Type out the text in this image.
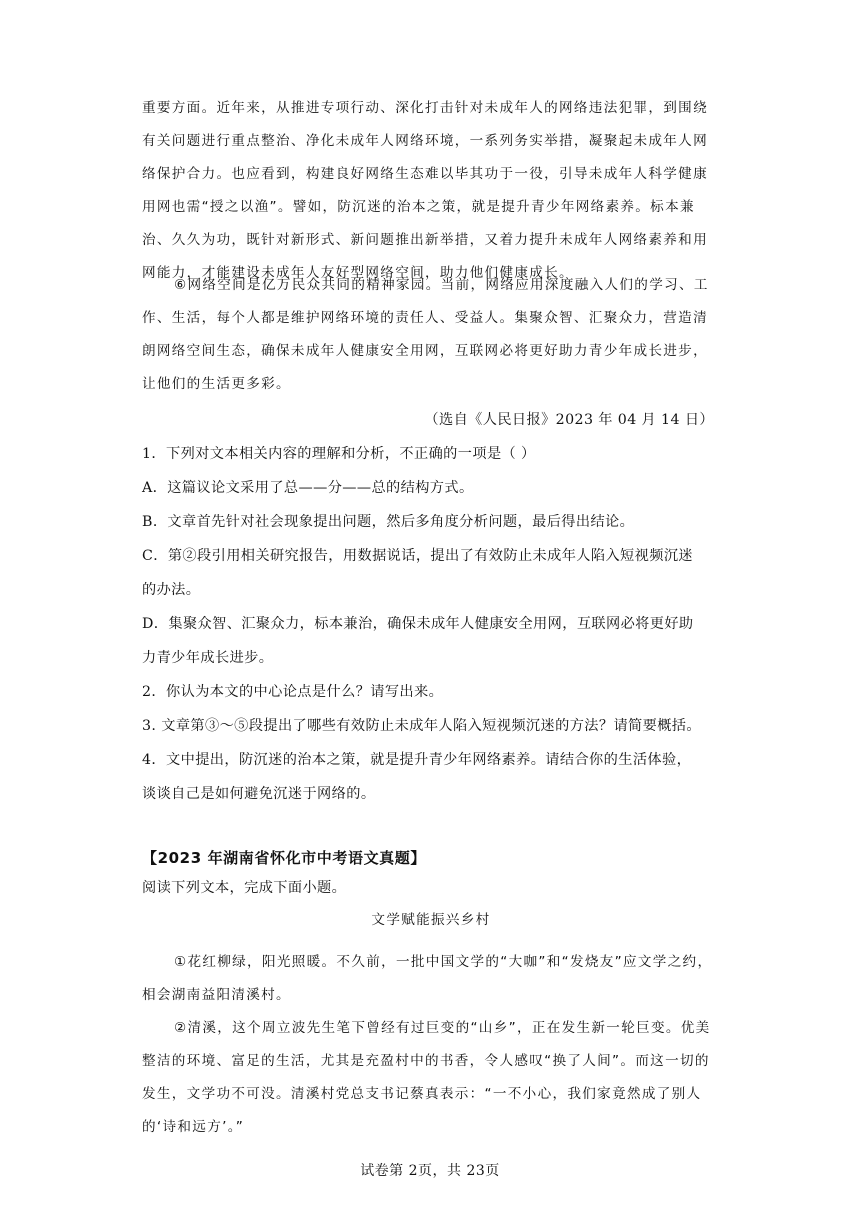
重要方面。近年来，从推进专项行动、深化打击针对未成年人的网络违法犯罪，到围绕
有关问题进行重点整治、净化未成年人网络环境，一系列务实举措，凝聚起未成年人网
络保护合力。也应看到，构建良好网络生态难以毕其功于一役，引导未成年人科学健康
用网也需“授之以渔”。譬如，防沉迷的治本之策，就是提升青少年网络素养。标本兼
治、久久为功，既针对新形式、新问题推出新举措，又着力提升未成年人网络素养和用
网能力，才能建设未成年人友好型网络空间，助力他们健康成长。
⑥网络空间是亿万民众共同的精神家园。当前，网络应用深度融入人们的学习、工
作、生活，每个人都是维护网络环境的责任人、受益人。集聚众智、汇聚众力，营造清
朗网络空间生态，确保未成年人健康安全用网，互联网必将更好助力青少年成长进步，
让他们的生活更多彩。
（选自《人民日报》2023 年 04 月 14 日）
1．下列对文本相关内容的理解和分析，不正确的一项是（ ）
A．这篇议论文采用了总——分——总的结构方式。
B．文章首先针对社会现象提出问题，然后多角度分析问题，最后得出结论。
C．第②段引用相关研究报告，用数据说话，提出了有效防止未成年人陷入短视频沉迷
的办法。
D．集聚众智、汇聚众力，标本兼治，确保未成年人健康安全用网，互联网必将更好助
力青少年成长进步。
2．你认为本文的中心论点是什么？请写出来。
3. 文章第③～⑤段提出了哪些有效防止未成年人陷入短视频沉迷的方法？请简要概括。
4．文中提出，防沉迷的治本之策，就是提升青少年网络素养。请结合你的生活体验，
谈谈自己是如何避免沉迷于网络的。
【2023 年湖南省怀化市中考语文真题】
阅读下列文本，完成下面小题。
文学赋能振兴乡村
①花红柳绿，阳光照暖。不久前，一批中国文学的“大咖”和“发烧友”应文学之约，
相会湖南益阳清溪村。
②清溪，这个周立波先生笔下曾经有过巨变的“山乡”，正在发生新一轮巨变。优美
整洁的环境、富足的生活，尤其是充盈村中的书香，令人感叹“换了人间”。而这一切的
发生，文学功不可没。清溪村党总支书记蔡真表示：“一不小心，我们家竟然成了别人
的‘诗和远方’。”
试卷第 2页，共 23页
